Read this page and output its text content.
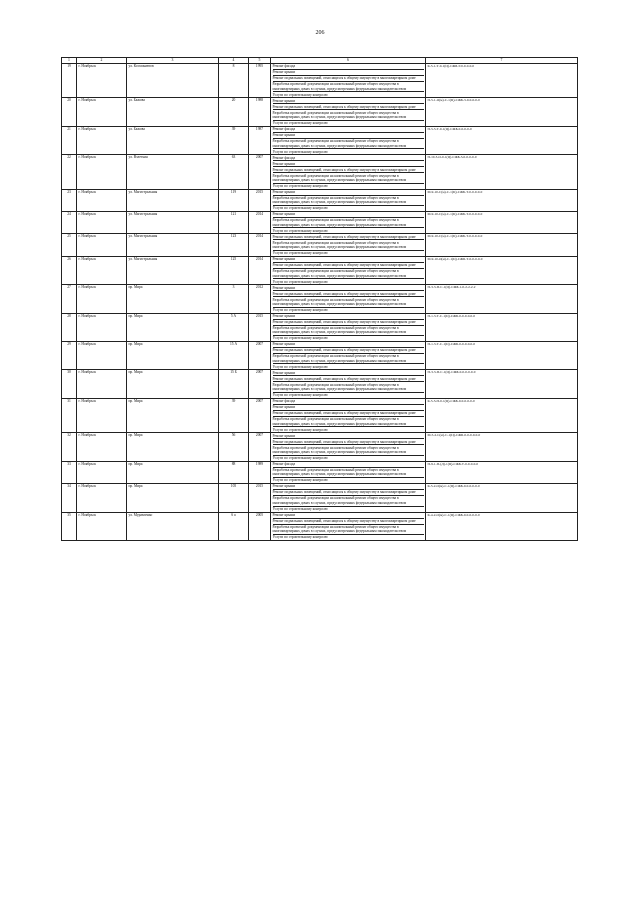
206
1	2	3	4	5	6	7
19	г. Ноябрьск	ул. Космонавтов	8	1995	Ремонт фасада
Ремонт крыши
Ремонт подвальных помещений, относящихся к общему имуществу в многоквартирном доме
Разработка проектной документации на капитальный ремонт общего имущества в многоквартирных домах в случаях, предусмотренных федеральным законодательством
Услуги по строительному контролю	К-5-1-Т-0-1(Ц)-СЖБ-5/0-0-0-0-0
20	г. Ноябрьск	ул. Бажова	20	1988	Ремонт крыши
Ремонт подвальных помещений, относящихся к общему имуществу в многоквартирном доме
Разработка проектной документации на капитальный ремонт общего имущества в многоквартирных домах в случаях, предусмотренных федеральным законодательством
Услуги по строительному контролю	П-5-1-О(м)-С-1(Ц)-СЖБ-3-0-0-0-0-0
21	г. Ноябрьск	ул. Бажова	39	1987	Ремонт фасада
Ремонт крыши
Разработка проектной документации на капитальный ремонт общего имущества в многоквартирных домах в случаях, предусмотренных федеральным законодательством
Услуги по строительному контролю	П-5-5-Т-0-1(Ц)-СЖБ-0-0-0-0-0
22	г. Ноябрьск	ул. Взлетная	63	2007	Ремонт фасада
Ремонт крыши
Ремонт подвальных помещений, относящихся к общему имуществу в многоквартирном доме
Разработка проектной документации на капитальный ремонт общего имущества в многоквартирных домах в случаях, предусмотренных федеральным законодательством
Услуги по строительному контролю	П-10-3-О-0-1(Ц)-СЖБ-3-0-0-0-0-0
23	г. Ноябрьск	ул. Магистральная	119	2015	Ремонт крыши
Разработка проектной документации на капитальный ремонт общего имущества в многоквартирных домах в случаях, предусмотренных федеральным законодательством
Услуги по строительному контролю	М-9-10-С(м)-С-1(Ц)-СЖБ-Т-0-0-0-0-0
24	г. Ноябрьск	ул. Магистральная	121	2014	Ремонт крыши
Разработка проектной документации на капитальный ремонт общего имущества в многоквартирных домах в случаях, предусмотренных федеральным законодательством
Услуги по строительному контролю	М-9-10-С(м)-С-1(Ц)-СЖБ-Т-0-0-0-0-0
25	г. Ноябрьск	ул. Магистральная	123	2014	Ремонт подвальных помещений, относящихся к общему имуществу в многоквартирном доме
Разработка проектной документации на капитальный ремонт общего имущества в многоквартирных домах в случаях, предусмотренных федеральным законодательством
Услуги по строительному контролю	М-9-10-С(м)-С-1(Ц)-СЖБ-Т-0-0-0-0-0
26	г. Ноябрьск	ул. Магистральная	125	2014	Ремонт крыши
Ремонт подвальных помещений, относящихся к общему имуществу в многоквартирном доме
Разработка проектной документации на капитальный ремонт общего имущества в многоквартирных домах в случаях, предусмотренных федеральным законодательством
Услуги по строительному контролю	М-9-10-О(м)-С-1(Ц)-СЖБ-Т-0-0-0-0-0
27	г. Ноябрьск	пр. Мира	3	2012	Ремонт крыши
Ремонт подвальных помещений, относящихся к общему имуществу в многоквартирном доме
Разработка проектной документации на капитальный ремонт общего имущества в многоквартирных домах в случаях, предусмотренных федеральным законодательством
Услуги по строительному контролю	П-3-3-П-С-1(Ц)-СЖБ-1-0-2-2-2-2
28	г. Ноябрьск	пр. Мира	5 А	2015	Ремонт крыши
Ремонт подвальных помещений, относящихся к общему имуществу в многоквартирном доме
Разработка проектной документации на капитальный ремонт общего имущества в многоквартирных домах в случаях, предусмотренных федеральным законодательством
Услуги по строительному контролю	П-1-3-Т-С-1(Ц)-СЖБ-0-0-0-0-0-0
29	г. Ноябрьск	пр. Мира	15 А	2007	Ремонт крыши
Ремонт подвальных помещений, относящихся к общему имуществу в многоквартирном доме
Разработка проектной документации на капитальный ремонт общего имущества в многоквартирных домах в случаях, предусмотренных федеральным законодательством
Услуги по строительному контролю	П-1-3-Т-С-1(Ц)-СЖБ-0-0-0-0-0-0
30	г. Ноябрьск	пр. Мира	15 Б	2007	Ремонт крыши
Ремонт подвальных помещений, относящихся к общему имуществу в многоквартирном доме
Разработка проектной документации на капитальный ремонт общего имущества в многоквартирных домах в случаях, предусмотренных федеральным законодательством
Услуги по строительному контролю	П-3-3-П-С-1(Ц)-СЖБ-0-0-0-0-0-0
31	г. Ноябрьск	пр. Мира	39	2007	Ремонт фасада
Ремонт крыши
Ремонт подвальных помещений, относящихся к общему имуществу в многоквартирном доме
Разработка проектной документации на капитальный ремонт общего имущества в многоквартирных домах в случаях, предусмотренных федеральным законодательством
Услуги по строительному контролю	К-5-3-П-0-1(Ц)-СЖБ-0-0-0-0-0-0
32	г. Ноябрьск	пр. Мира	56	2007	Ремонт крыши
Ремонт подвальных помещений, относящихся к общему имуществу в многоквартирном доме
Разработка проектной документации на капитальный ремонт общего имущества в многоквартирных домах в случаях, предусмотренных федеральным законодательством
Услуги по строительному контролю	М-5-2-С(м)-С-1(Ц)-СЖБ-0-0-0-0-0-0
33	г. Ноябрьск	пр. Мира	88	1989	Ремонт фасада
Разработка проектной документации на капитальный ремонт общего имущества в многоквартирных домах в случаях, предусмотренных федеральным законодательством
Услуги по строительному контролю	П-9-1-П-(Д)-1(Ц)-СЖБ-Т-0-0-0-0-0
34	г. Ноябрьск	пр. Мира	105	2015	Ремонт крыши
Ремонт подвальных помещений, относящихся к общему имуществу в многоквартирном доме
Разработка проектной документации на капитальный ремонт общего имущества в многоквартирных домах в случаях, предусмотренных федеральным законодательством
Услуги по строительному контролю	К-5-2-О(м)-С-1(Ц)-СЖБ-0-0-0-0-0-0
35	г. Ноябрьск	ул. Муравленко	6 а	2005	Ремонт крыши
Ремонт подвальных помещений, относящихся к общему имуществу в многоквартирном доме
Разработка проектной документации на капитальный ремонт общего имущества в многоквартирных домах в случаях, предусмотренных федеральным законодательством
Услуги по строительному контролю	К-4-2-О(м)-С-1(Ц)-СЖБ-0-0-0-0-0-0
